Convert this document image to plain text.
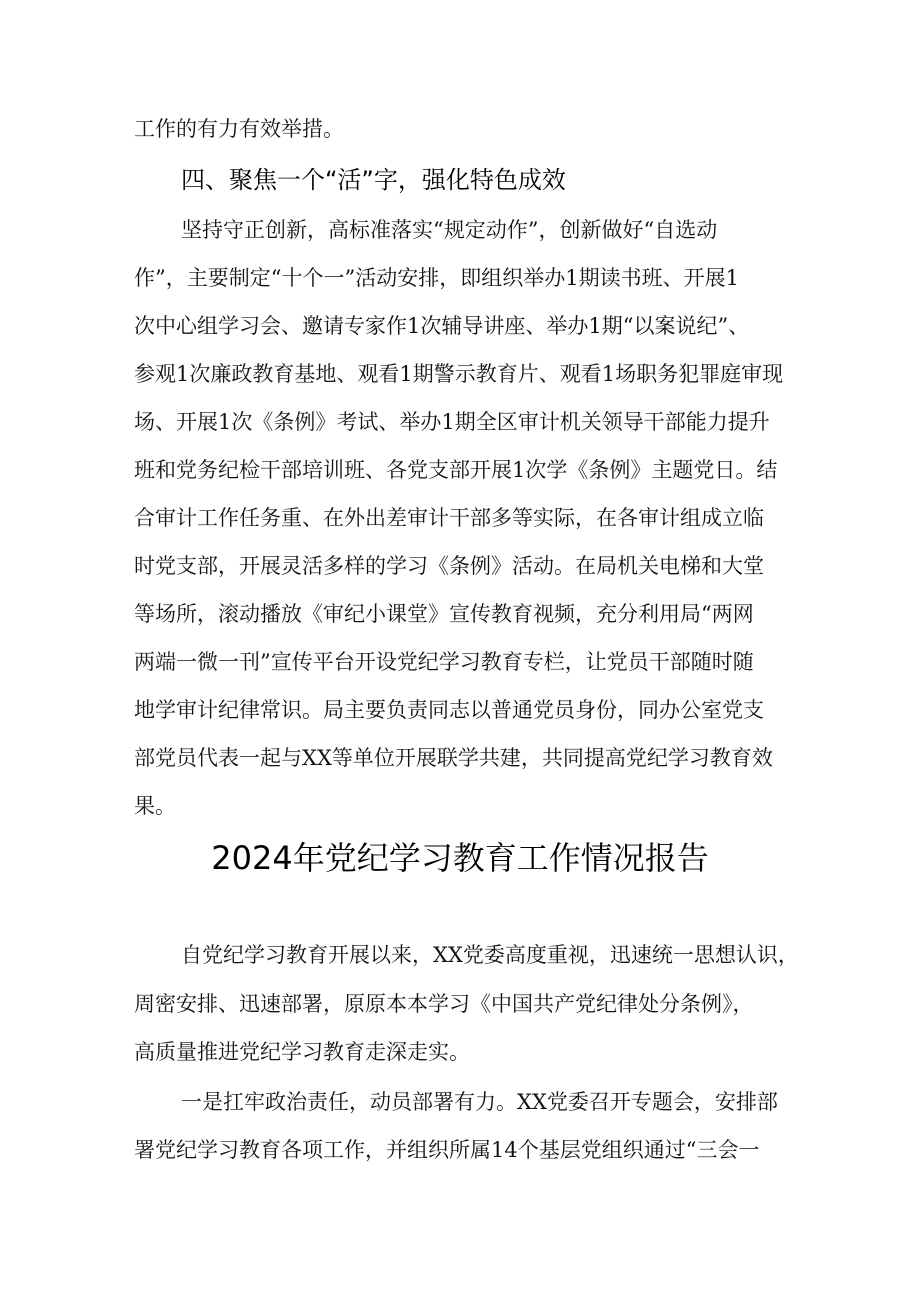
工作的有力有效举措。
四、聚焦一个“活”字，强化特色成效
坚持守正创新，高标准落实“规定动作”，创新做好“自选动
作”，主要制定“十个一”活动安排，即组织举办1期读书班、开展1
次中心组学习会、邀请专家作1次辅导讲座、举办1期“以案说纪”、
参观1次廉政教育基地、观看1期警示教育片、观看1场职务犯罪庭审现
场、开展1次《条例》考试、举办1期全区审计机关领导干部能力提升
班和党务纪检干部培训班、各党支部开展1次学《条例》主题党日。结
合审计工作任务重、在外出差审计干部多等实际，在各审计组成立临
时党支部，开展灵活多样的学习《条例》活动。在局机关电梯和大堂
等场所，滚动播放《审纪小课堂》宣传教育视频，充分利用局“两网
两端一微一刊”宣传平台开设党纪学习教育专栏，让党员干部随时随
地学审计纪律常识。局主要负责同志以普通党员身份，同办公室党支
部党员代表一起与XX等单位开展联学共建，共同提高党纪学习教育效
果。
2024年党纪学习教育工作情况报告
自党纪学习教育开展以来，XX党委高度重视，迅速统一思想认识，
周密安排、迅速部署，原原本本学习《中国共产党纪律处分条例》，
高质量推进党纪学习教育走深走实。
一是扛牢政治责任，动员部署有力。XX党委召开专题会，安排部
署党纪学习教育各项工作，并组织所属14个基层党组织通过“三会一
